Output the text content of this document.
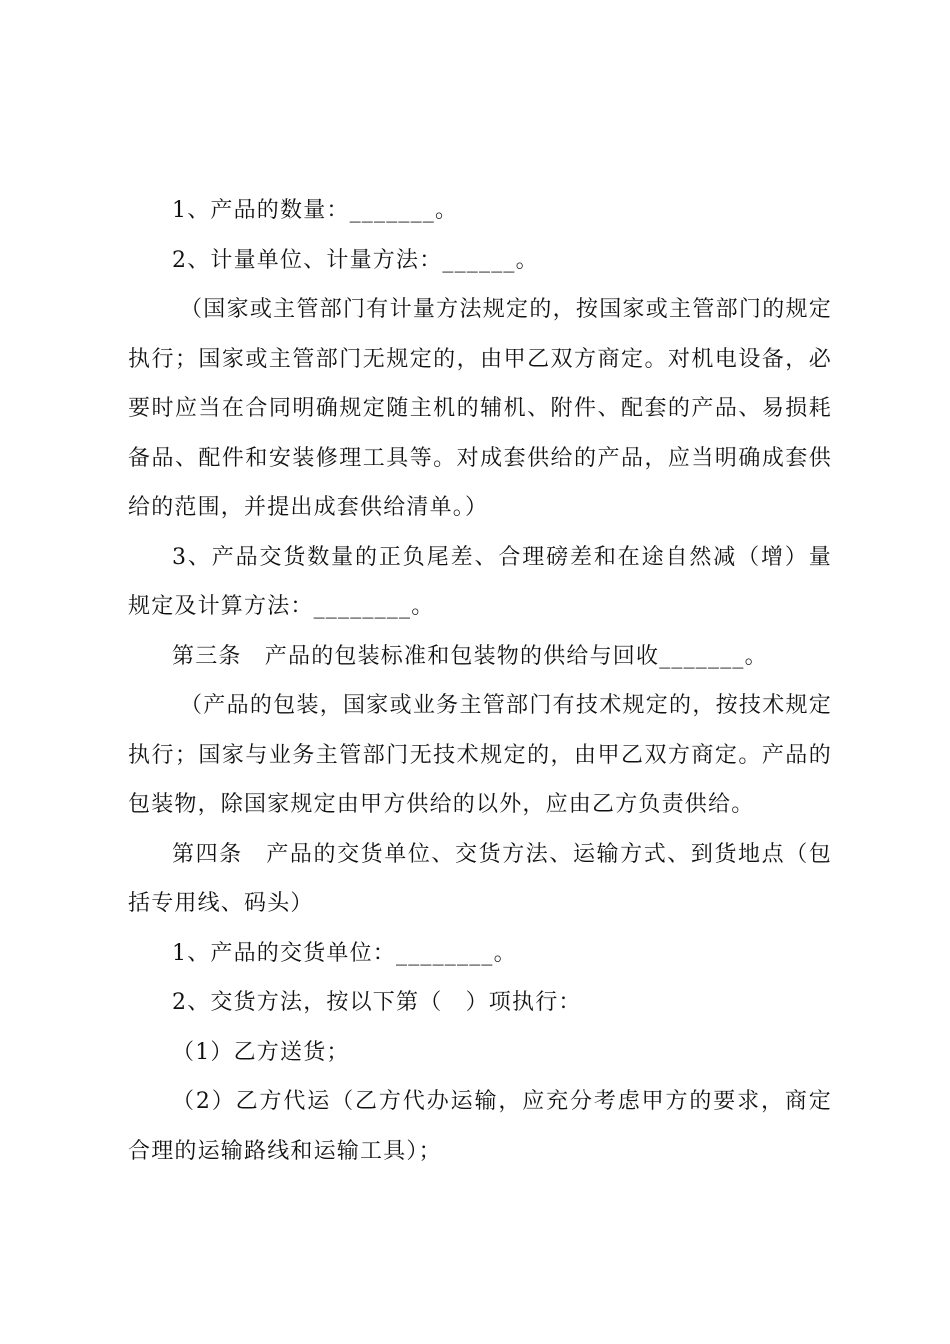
1、产品的数量：_______。

2、计量单位、计量方法：______。

（国家或主管部门有计量方法规定的，按国家或主管部门的规定执行；国家或主管部门无规定的，由甲乙双方商定。对机电设备，必要时应当在合同明确规定随主机的辅机、附件、配套的产品、易损耗备品、配件和安装修理工具等。对成套供给的产品，应当明确成套供给的范围，并提出成套供给清单。）

3、产品交货数量的正负尾差、合理磅差和在途自然减（增）量规定及计算方法：________。

第三条　产品的包装标准和包装物的供给与回收_______。

（产品的包装，国家或业务主管部门有技术规定的，按技术规定执行；国家与业务主管部门无技术规定的，由甲乙双方商定。产品的包装物，除国家规定由甲方供给的以外，应由乙方负责供给。

第四条　产品的交货单位、交货方法、运输方式、到货地点（包括专用线、码头）

1、产品的交货单位：________。

2、交货方法，按以下第（　）项执行：

（1）乙方送货；

（2）乙方代运（乙方代办运输，应充分考虑甲方的要求，商定合理的运输路线和运输工具）；
